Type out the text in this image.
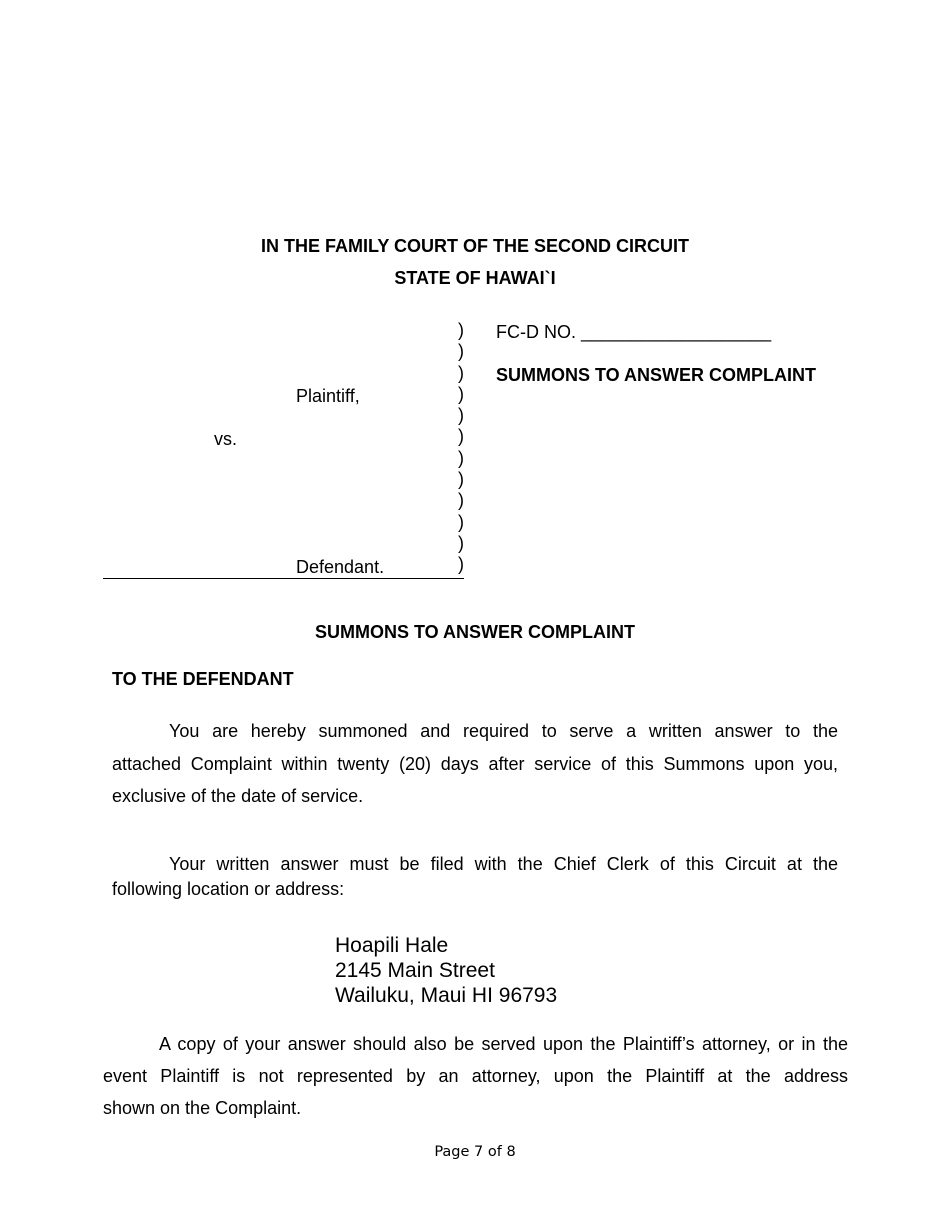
IN THE FAMILY COURT OF THE SECOND CIRCUIT
STATE OF HAWAI`I
Plaintiff,
vs.
Defendant.
)
)
)
)
)
)
)
)
)
)
)
)
FC-D NO. ___________________
SUMMONS TO ANSWER COMPLAINT
SUMMONS TO ANSWER COMPLAINT
TO THE DEFENDANT
You are hereby summoned and required to serve a written answer to the
attached Complaint within twenty (20) days after service of this Summons upon you,
exclusive of the date of service.
Your written answer must be filed with the Chief Clerk of this Circuit at the
following location or address:
Hoapili Hale
2145 Main Street
Wailuku, Maui HI 96793
A copy of your answer should also be served upon the Plaintiff’s attorney, or in the
event Plaintiff is not represented by an attorney, upon the Plaintiff at the address
shown on the Complaint.
Page 7 of 8
